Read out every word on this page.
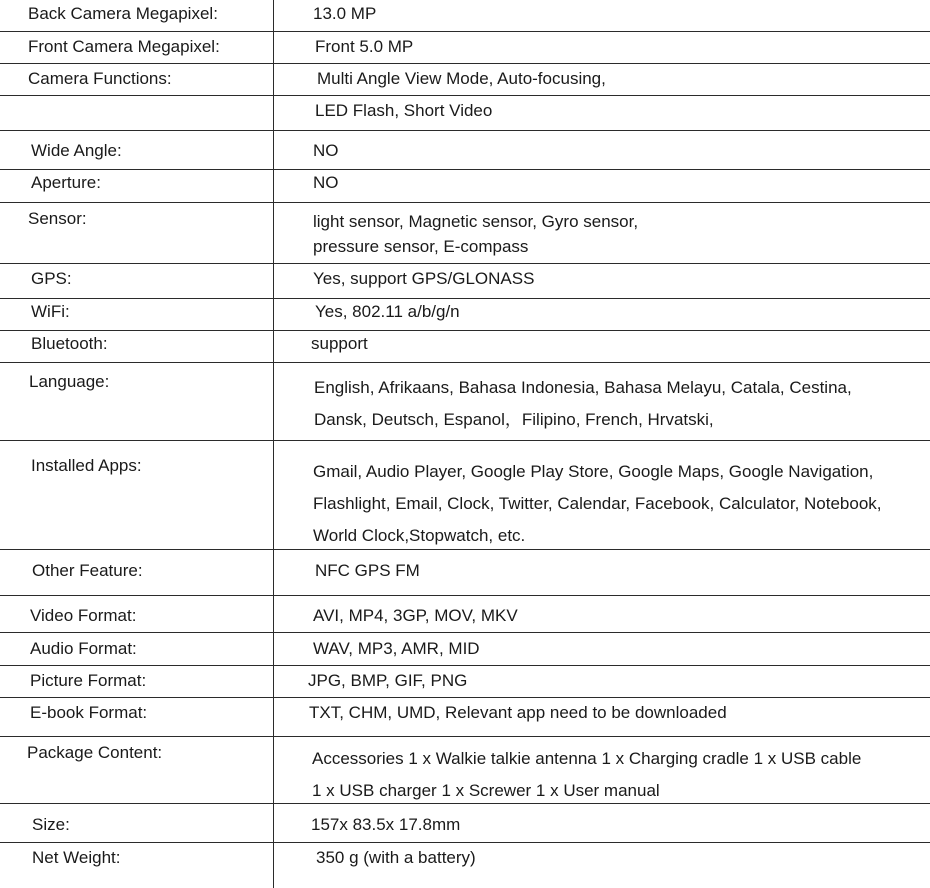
Back Camera Megapixel:	13.0 MP
Front Camera Megapixel:	Front 5.0 MP
Camera Functions:	Multi Angle View Mode, Auto-focusing,
LED Flash, Short Video
Wide Angle:	NO
Aperture:	NO
Sensor:	light sensor, Magnetic sensor, Gyro sensor,
pressure sensor, E-compass
GPS:	Yes, support GPS/GLONASS
WiFi:	Yes, 802.11 a/b/g/n
Bluetooth:	support
Language:	English, Afrikaans, Bahasa Indonesia, Bahasa Melayu, Catala, Cestina,
Dansk, Deutsch, Espanol，Filipino, French, Hrvatski,
Installed Apps:	Gmail, Audio Player, Google Play Store, Google Maps, Google Navigation,
Flashlight, Email, Clock, Twitter, Calendar, Facebook, Calculator, Notebook,
World Clock,Stopwatch, etc.
Other Feature:	NFC GPS FM
Video Format:	AVI, MP4, 3GP, MOV, MKV
Audio Format:	WAV, MP3, AMR, MID
Picture Format:	JPG, BMP, GIF, PNG
E-book Format:	TXT, CHM, UMD, Relevant app need to be downloaded
Package Content:	Accessories 1 x Walkie talkie antenna 1 x Charging cradle 1 x USB cable
1 x USB charger 1 x Screwer 1 x User manual
Size:	157x 83.5x 17.8mm
Net Weight:	350 g (with a battery)
